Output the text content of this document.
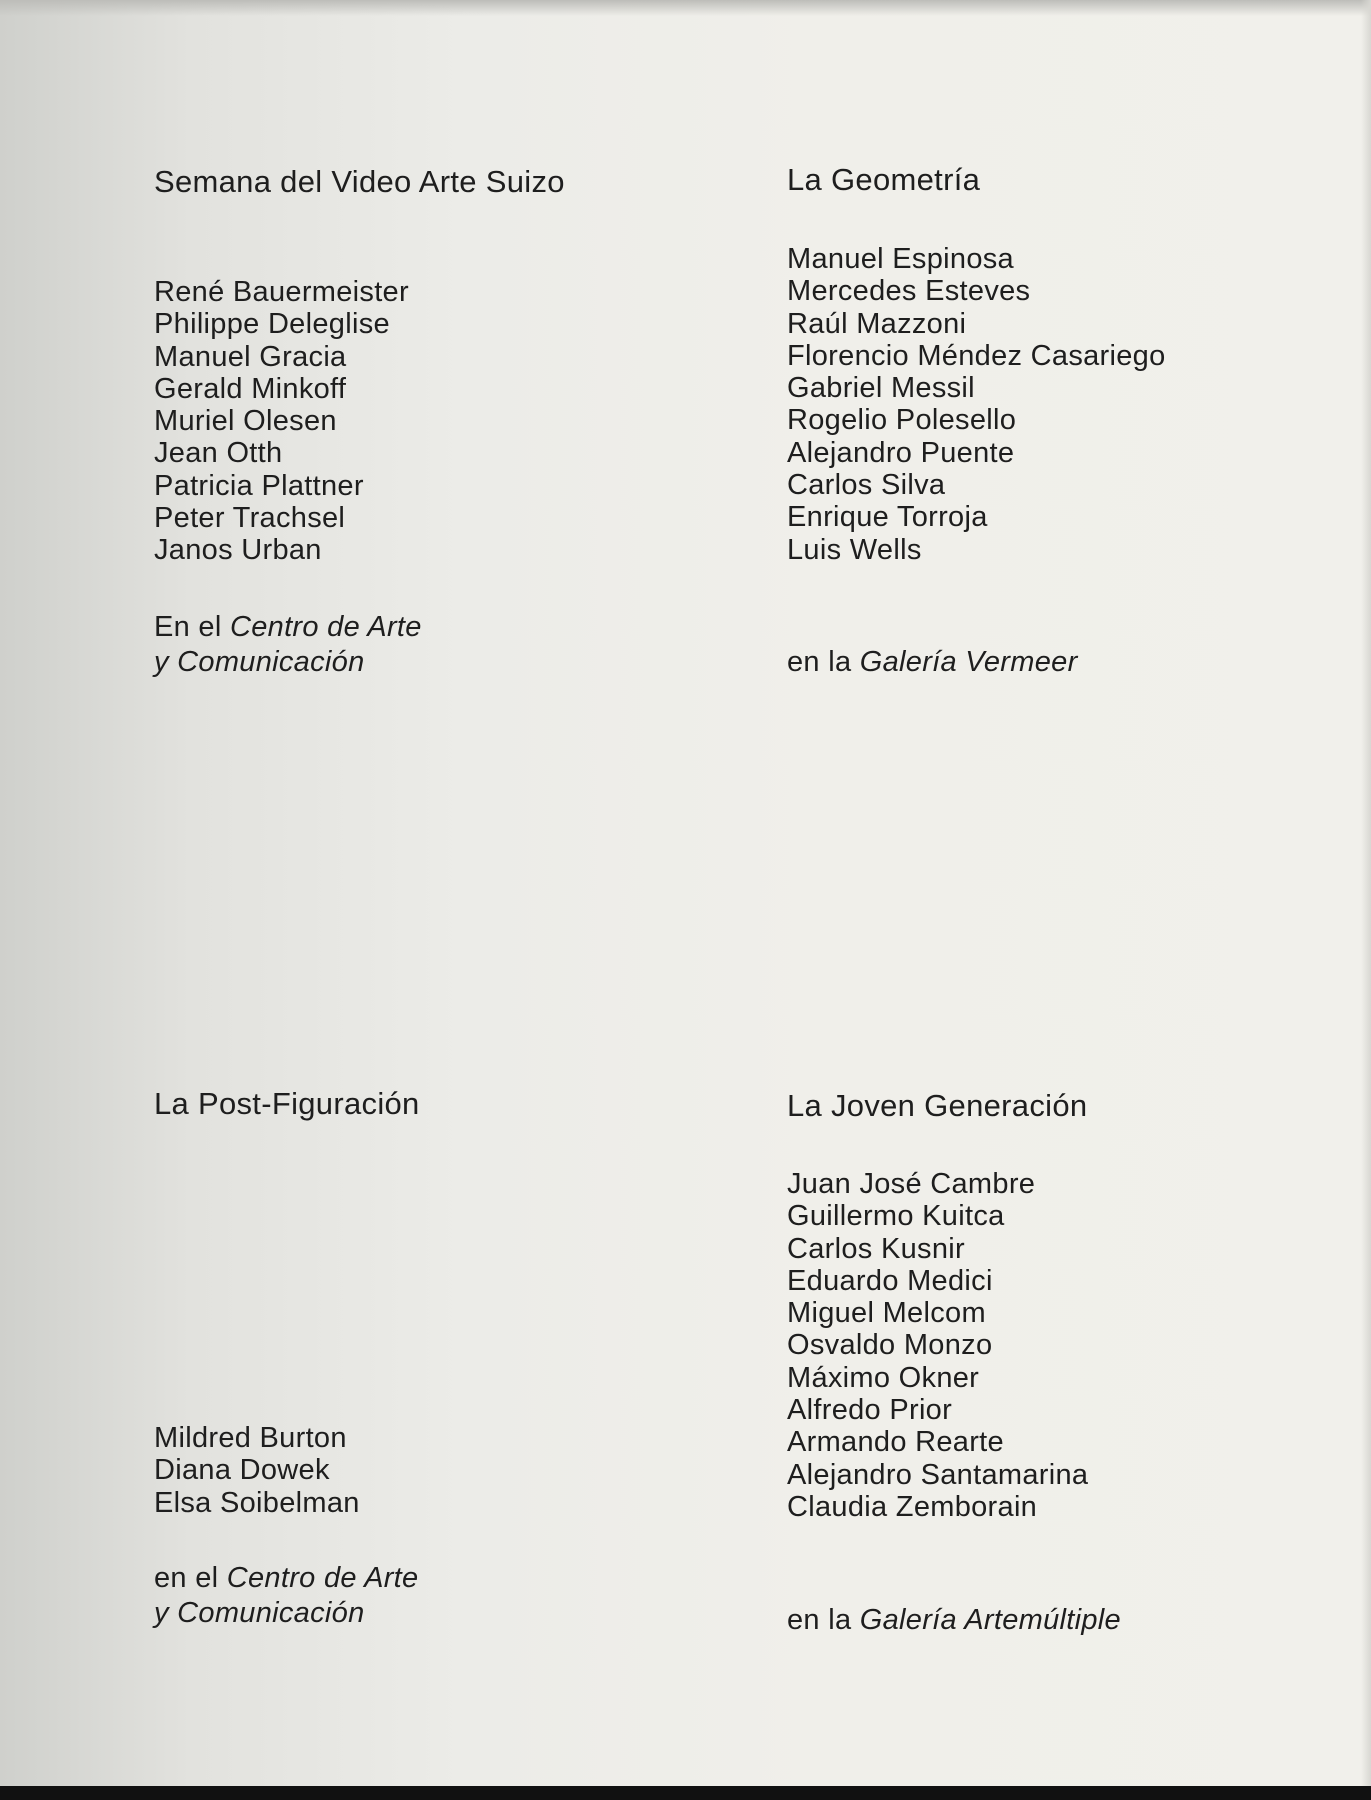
Semana del Video Arte Suizo
René Bauermeister
Philippe Deleglise
Manuel Gracia
Gerald Minkoff
Muriel Olesen
Jean Otth
Patricia Plattner
Peter Trachsel
Janos Urban
En el Centro de Arte
y Comunicación
La Geometría
Manuel Espinosa
Mercedes Esteves
Raúl Mazzoni
Florencio Méndez Casariego
Gabriel Messil
Rogelio Polesello
Alejandro Puente
Carlos Silva
Enrique Torroja
Luis Wells
en la Galería Vermeer
La Post-Figuración
Mildred Burton
Diana Dowek
Elsa Soibelman
en el Centro de Arte
y Comunicación
La Joven Generación
Juan José Cambre
Guillermo Kuitca
Carlos Kusnir
Eduardo Medici
Miguel Melcom
Osvaldo Monzo
Máximo Okner
Alfredo Prior
Armando Rearte
Alejandro Santamarina
Claudia Zemborain
en la Galería Artemúltiple
